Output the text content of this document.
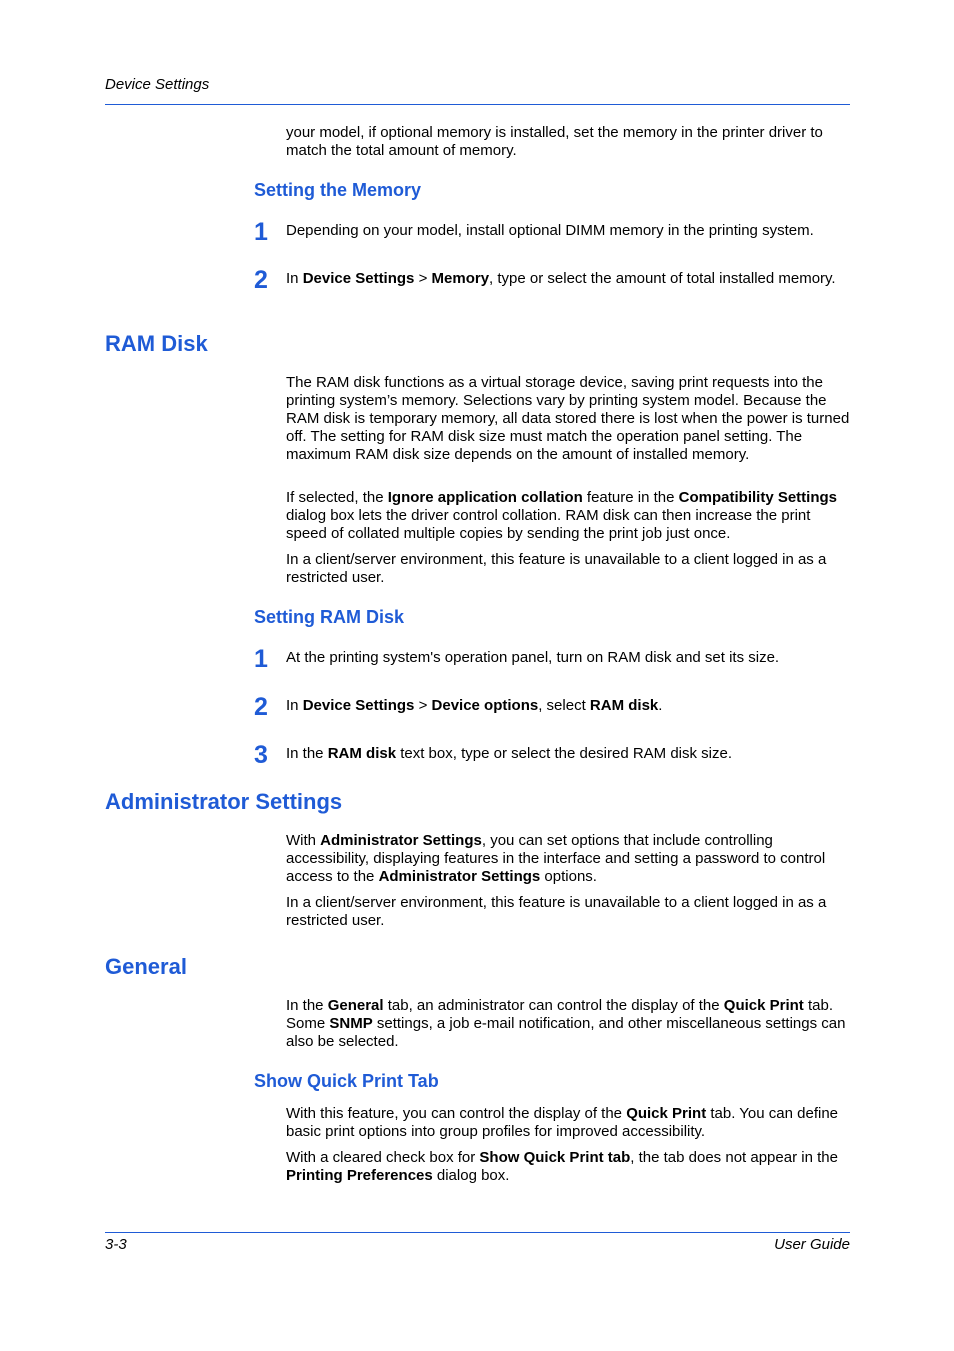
Device Settings
your model, if optional memory is installed, set the memory in the printer driver to match the total amount of memory.
Setting the Memory
1 Depending on your model, install optional DIMM memory in the printing system.
2 In Device Settings > Memory, type or select the amount of total installed memory.
RAM Disk
The RAM disk functions as a virtual storage device, saving print requests into the printing system’s memory. Selections vary by printing system model. Because the RAM disk is temporary memory, all data stored there is lost when the power is turned off. The setting for RAM disk size must match the operation panel setting. The maximum RAM disk size depends on the amount of installed memory.
If selected, the Ignore application collation feature in the Compatibility Settings dialog box lets the driver control collation. RAM disk can then increase the print speed of collated multiple copies by sending the print job just once.
In a client/server environment, this feature is unavailable to a client logged in as a restricted user.
Setting RAM Disk
1 At the printing system's operation panel, turn on RAM disk and set its size.
2 In Device Settings > Device options, select RAM disk.
3 In the RAM disk text box, type or select the desired RAM disk size.
Administrator Settings
With Administrator Settings, you can set options that include controlling accessibility, displaying features in the interface and setting a password to control access to the Administrator Settings options.
In a client/server environment, this feature is unavailable to a client logged in as a restricted user.
General
In the General tab, an administrator can control the display of the Quick Print tab. Some SNMP settings, a job e-mail notification, and other miscellaneous settings can also be selected.
Show Quick Print Tab
With this feature, you can control the display of the Quick Print tab. You can define basic print options into group profiles for improved accessibility.
With a cleared check box for Show Quick Print tab, the tab does not appear in the Printing Preferences dialog box.
3-3	User Guide
